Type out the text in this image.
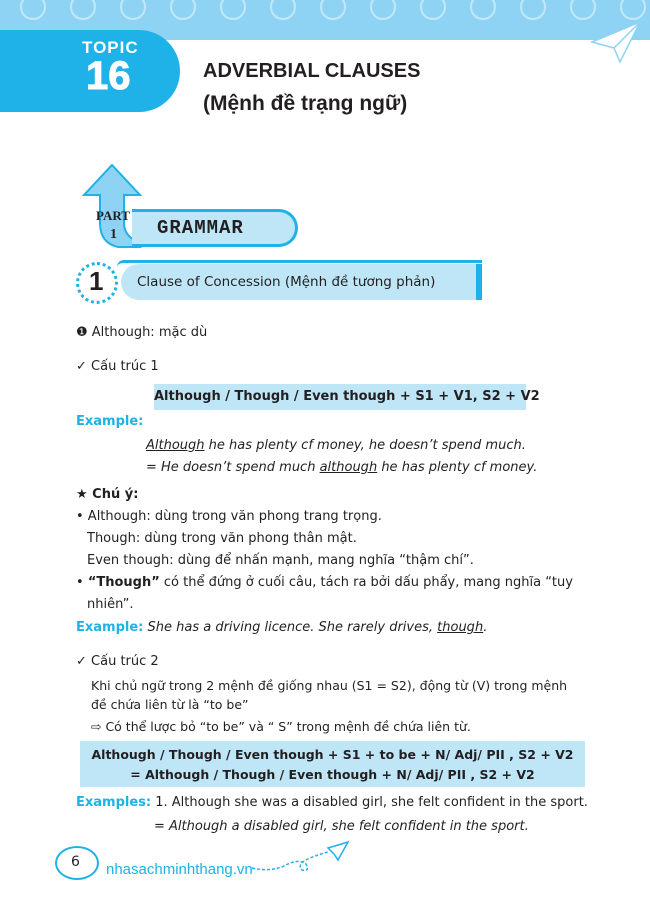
TOPIC
16	ADVERBIAL CLAUSES
(Mệnh đề trạng ngữ)
PART
1 GRAMMAR
1 Clause of Concession (Mệnh đề tương phản)
❶ Although: mặc dù
✓ Cấu trúc 1
Although / Though / Even though + S1 + V1, S2 + V2
Example:
Although he has plenty cf money, he doesn’t spend much.
= He doesn’t spend much although he has plenty cf money.
★ Chú ý:
• Although: dùng trong văn phong trang trọng.
Though: dùng trong văn phong thân mật.
Even though: dùng để nhấn mạnh, mang nghĩa “thậm chí”.
• “Though” có thể đứng ở cuối câu, tách ra bởi dấu phẩy, mang nghĩa “tuy
nhiên”.
Example: She has a driving licence. She rarely drives, though.
✓ Cấu trúc 2
Khi chủ ngữ trong 2 mệnh đề giống nhau (S1 = S2), động từ (V) trong mệnh
đề chứa liên từ là “to be”
⇨ Có thể lược bỏ “to be” và “ S” trong mệnh đề chứa liên từ.
Although / Though / Even though + S1 + to be + N/ Adj/ PII , S2 + V2
= Although / Though / Even though + N/ Adj/ PII , S2 + V2
Examples: 1. Although she was a disabled girl, she felt confident in the sport.
= Although a disabled girl, she felt confident in the sport.
6 nhasachminhthang.vn
